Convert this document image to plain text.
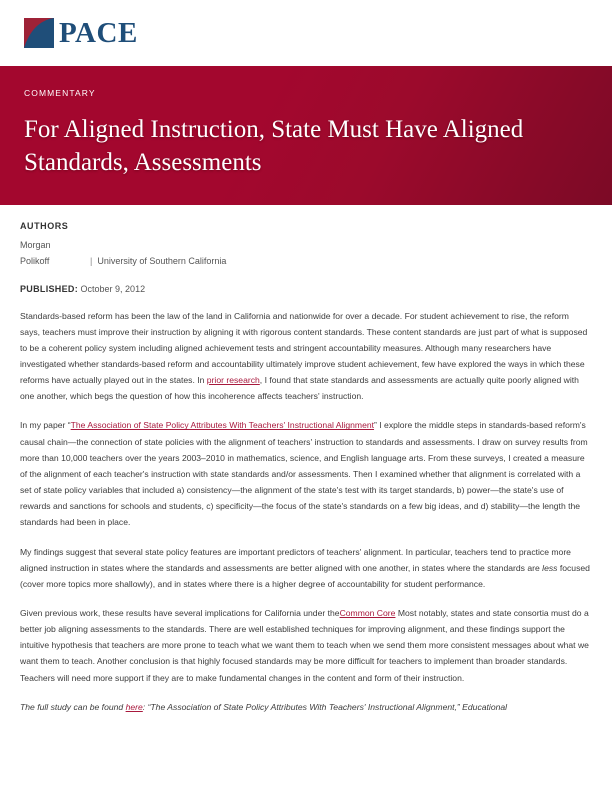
PACE
COMMENTARY
For Aligned Instruction, State Must Have Aligned Standards, Assessments
AUTHORS
Morgan
Polikoff	| University of Southern California
PUBLISHED: October 9, 2012

Standards-based reform has been the law of the land in California and nationwide for over a decade. For student achievement to rise, the reform says, teachers must improve their instruction by aligning it with rigorous content standards. These content standards are just part of what is supposed to be a coherent policy system including aligned achievement tests and stringent accountability measures. Although many researchers have investigated whether standards-based reform and accountability ultimately improve student achievement, few have explored the ways in which these reforms have actually played out in the states. In prior research, I found that state standards and assessments are actually quite poorly aligned with one another, which begs the question of how this incoherence affects teachers' instruction.

In my paper “The Association of State Policy Attributes With Teachers' Instructional Alignment” I explore the middle steps in standards-based reform's causal chain—the connection of state policies with the alignment of teachers' instruction to standards and assessments. I draw on survey results from more than 10,000 teachers over the years 2003–2010 in mathematics, science, and English language arts. From these surveys, I created a measure of the alignment of each teacher's instruction with state standards and/or assessments. Then I examined whether that alignment is correlated with a set of state policy variables that included a) consistency—the alignment of the state's test with its target standards, b) power—the state's use of rewards and sanctions for schools and students, c) specificity—the focus of the state's standards on a few big ideas, and d) stability—the length the standards had been in place.

My findings suggest that several state policy features are important predictors of teachers' alignment. In particular, teachers tend to practice more aligned instruction in states where the standards and assessments are better aligned with one another, in states where the standards are less focused (cover more topics more shallowly), and in states where there is a higher degree of accountability for student performance.

Given previous work, these results have several implications for California under theCommon Core Most notably, states and state consortia must do a better job aligning assessments to the standards. There are well established techniques for improving alignment, and these findings support the intuitive hypothesis that teachers are more prone to teach what we want them to teach when we send them more consistent messages about what we want them to teach. Another conclusion is that highly focused standards may be more difficult for teachers to implement than broader standards. Teachers will need more support if they are to make fundamental changes in the content and form of their instruction.

The full study can be found here: “The Association of State Policy Attributes With Teachers' Instructional Alignment,” Educational
